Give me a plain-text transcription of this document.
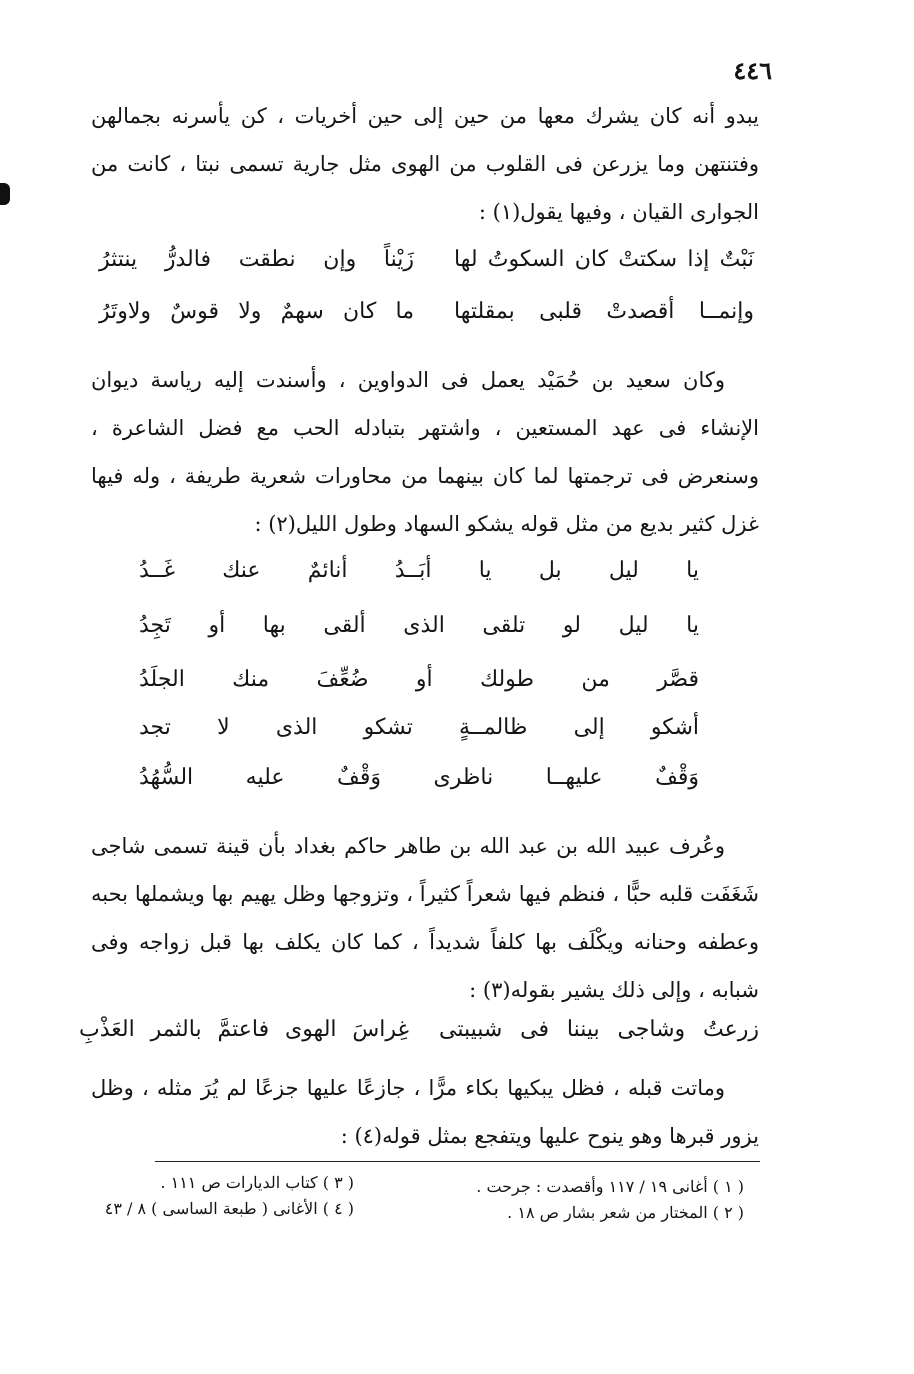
٤٤٦

يبدو أنه كان يشرك معها من حين إلى حين أخريات ، كن يأسرنه بجمالهن وفتنتهن وما يزرعن فى القلوب من الهوى مثل جارية تسمى نبتا ، كانت من الجوارى القيان ، وفيها يقول(١) :

نَبْتٌ إذا سكتتْ كان السكوتُ لها
زَيْناً وإن نطقت فالدرُّ ينتثرُ
وإنمــا أقصدتْ قلبى بمقلتها
ما كان سهمٌ ولا قوسٌ ولاوتَرُ

وكان سعيد بن حُمَيْد يعمل فى الدواوين ، وأسندت إليه رياسة ديوان الإنشاء فى عهد المستعين ، واشتهر بتبادله الحب مع فضل الشاعرة ، وسنعرض فى ترجمتها لما كان بينهما من محاورات شعرية طريفة ، وله فيها غزل كثير بديع من مثل قوله يشكو السهاد وطول الليل(٢) :

يا ليل بل يا أبَــدُ أنائمٌ عنك غَــدُ
يا ليل لو تلقى الذى ألقى بها أو تَجِدُ
قصَّر من طولك أو ضُعِّفَ منك الجلَدُ
أشكو إلى ظالمــةٍ تشكو الذى لا تجد
وَقْفٌ عليهــا ناظرى وَقْفٌ عليه السُّهُدُ

وعُرف عبيد الله بن عبد الله بن طاهر حاكم بغداد بأن قينة تسمى شاجى شَغَفَت قلبه حبًّا ، فنظم فيها شعراً كثيراً ، وتزوجها وظل يهيم بها ويشملها بحبه وعطفه وحنانه ويكْلَف بها كلفاً شديداً ، كما كان يكلف بها قبل زواجه وفى شبابه ، وإلى ذلك يشير بقوله(٣) :

زرعتُ وشاجى بيننا فى شبيبتى
غِراسَ الهوى فاعتمَّ بالثمر العَذْبِ

وماتت قبله ، فظل يبكيها بكاء مرًّا ، جازعًا عليها جزعًا لم يُرَ مثله ، وظل يزور قبرها وهو ينوح عليها ويتفجع بمثل قوله(٤) :

( ١ ) أغانى ١٩ / ١١٧ وأقصدت : جرحت .
( ٢ ) المختار من شعر بشار ص ١٨ .
( ٣ ) كتاب الديارات ص ١١١ .
( ٤ ) الأغانى ( طبعة الساسى ) ٨ / ٤٣
